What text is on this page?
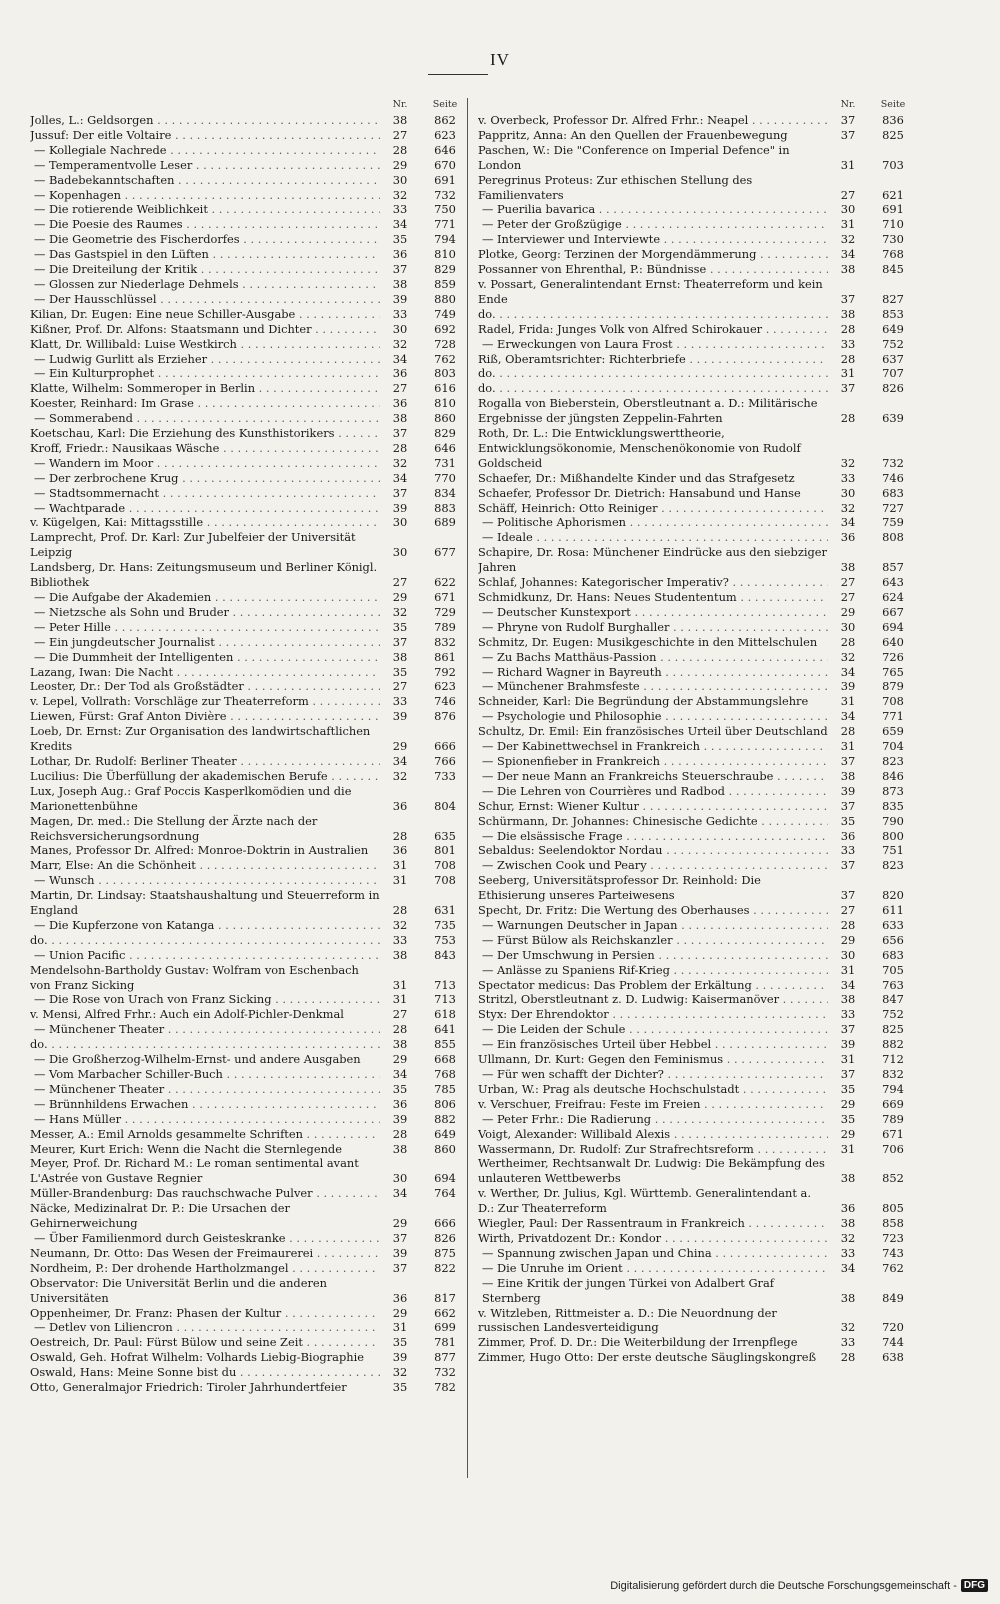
IV
Nr.	Seite
Jolles, L.: Geldsorgen . . .	38	862
Jussuf: Der eitle Voltaire . . .	27	623
— Kollegiale Nachrede . . .	28	646
— Temperamentvolle Leser . . .	29	670
— Badebekanntschaften . . .	30	691
— Kopenhagen . . .	32	732
— Die rotierende Weiblichkeit . . .	33	750
— Die Poesie des Raumes . . .	34	771
— Die Geometrie des Fischerdorfes . . .	35	794
— Das Gastspiel in den Lüften . . .	36	810
— Die Dreiteilung der Kritik . . .	37	829
— Glossen zur Niederlage Dehmels . . .	38	859
— Der Hausschlüssel . . .	39	880
Kilian, Dr. Eugen: Eine neue Schiller-Ausgabe . . .	33	749
Kißner, Prof. Dr. Alfons: Staatsmann und Dichter . . .	30	692
Klatt, Dr. Willibald: Luise Westkirch . . .	32	728
— Ludwig Gurlitt als Erzieher . . .	34	762
— Ein Kulturprophet . . .	36	803
Klatte, Wilhelm: Sommeroper in Berlin . . .	27	616
Koester, Reinhard: Im Grase . . .	36	810
— Sommerabend . . .	38	860
Koetschau, Karl: Die Erziehung des Kunsthistorikers . . .	37	829
Kroff, Friedr.: Nausikaas Wäsche . . .	28	646
— Wandern im Moor . . .	32	731
— Der zerbrochene Krug . . .	34	770
— Stadtsommernacht . . .	37	834
— Wachtparade . . .	39	883
v. Kügelgen, Kai: Mittagsstille . . .	30	689
Lamprecht, Prof. Dr. Karl: Zur Jubelfeier der Universität Leipzig	30	677
Landsberg, Dr. Hans: Zeitungsmuseum und Berliner Königl. Bibliothek	27	622
— Die Aufgabe der Akademien . . .	29	671
— Nietzsche als Sohn und Bruder . . .	32	729
— Peter Hille . . .	35	789
— Ein jungdeutscher Journalist . . .	37	832
— Die Dummheit der Intelligenten . . .	38	861
Lazang, Iwan: Die Nacht . . .	35	792
Leoster, Dr.: Der Tod als Großstädter . . .	27	623
v. Lepel, Vollrath: Vorschläge zur Theaterreform . . .	33	746
Liewen, Fürst: Graf Anton Divière . . .	39	876
Loeb, Dr. Ernst: Zur Organisation des landwirtschaftlichen Kredits	29	666
Lothar, Dr. Rudolf: Berliner Theater . . .	34	766
Lucilius: Die Überfüllung der akademischen Berufe . . .	32	733
Lux, Joseph Aug.: Graf Poccis Kasperlkomödien und die Marionettenbühne	36	804
Magen, Dr. med.: Die Stellung der Ärzte nach der Reichsversicherungsordnung	28	635
Manes, Professor Dr. Alfred: Monroe-Doktrin in Australien	36	801
Marr, Else: An die Schönheit . . .	31	708
— Wunsch . . .	31	708
Martin, Dr. Lindsay: Staatshaushaltung und Steuerreform in England	28	631
— Die Kupferzone von Katanga . . .	32	735
do. . . .	33	753
— Union Pacific . . .	38	843
Mendelsohn-Bartholdy Gustav: Wolfram von Eschenbach von Franz Sicking	31	713
— Die Rose von Urach von Franz Sicking . . .	31	713
v. Mensi, Alfred Frhr.: Auch ein Adolf-Pichler-Denkmal	27	618
— Münchener Theater . . .	28	641
do. . . .	38	855
— Die Großherzog-Wilhelm-Ernst- und andere Ausgaben	29	668
— Vom Marbacher Schiller-Buch . . .	34	768
— Münchener Theater . . .	35	785
— Brünnhildens Erwachen . . .	36	806
— Hans Müller . . .	39	882
Messer, A.: Emil Arnolds gesammelte Schriften . . .	28	649
Meurer, Kurt Erich: Wenn die Nacht die Sternlegende	38	860
Meyer, Prof. Dr. Richard M.: Le roman sentimental avant L'Astrée von Gustave Regnier	30	694
Müller-Brandenburg: Das rauchschwache Pulver . . .	34	764
Näcke, Medizinalrat Dr. P.: Die Ursachen der Gehirnerweichung	29	666
— Über Familienmord durch Geisteskranke . . .	37	826
Neumann, Dr. Otto: Das Wesen der Freimaurerei . . .	39	875
Nordheim, P.: Der drohende Hartholzmangel . . .	37	822
Observator: Die Universität Berlin und die anderen Universitäten	36	817
Oppenheimer, Dr. Franz: Phasen der Kultur . . .	29	662
— Detlev von Liliencron . . .	31	699
Oestreich, Dr. Paul: Fürst Bülow und seine Zeit . . .	35	781
Oswald, Geh. Hofrat Wilhelm: Volhards Liebig-Biographie	39	877
Oswald, Hans: Meine Sonne bist du . . .	32	732
Otto, Generalmajor Friedrich: Tiroler Jahrhundertfeier	35	782
Nr.	Seite
v. Overbeck, Professor Dr. Alfred Frhr.: Neapel . . .	37	836
Pappritz, Anna: An den Quellen der Frauenbewegung	37	825
Paschen, W.: Die "Conference on Imperial Defence" in London	31	703
Peregrinus Proteus: Zur ethischen Stellung des Familienvaters	27	621
— Puerilia bavarica . . .	30	691
— Peter der Großzügige . . .	31	710
— Interviewer und Interviewte . . .	32	730
Plotke, Georg: Terzinen der Morgendämmerung . . .	34	768
Possanner von Ehrenthal, P.: Bündnisse . . .	38	845
v. Possart, Generalintendant Ernst: Theaterreform und kein Ende	37	827
do. . . .	38	853
Radel, Frida: Junges Volk von Alfred Schirokauer . . .	28	649
— Erweckungen von Laura Frost . . .	33	752
Riß, Oberamtsrichter: Richterbriefe . . .	28	637
do. . . .	31	707
do. . . .	37	826
Rogalla von Bieberstein, Oberstleutnant a. D.: Militärische Ergebnisse der jüngsten Zeppelin-Fahrten	28	639
Roth, Dr. L.: Die Entwicklungswerttheorie, Entwicklungsökonomie, Menschenökonomie von Rudolf Goldscheid	32	732
Schaefer, Dr.: Mißhandelte Kinder und das Strafgesetz	33	746
Schaefer, Professor Dr. Dietrich: Hansabund und Hanse	30	683
Schäff, Heinrich: Otto Reiniger . . .	32	727
— Politische Aphorismen . . .	34	759
— Ideale . . .	36	808
Schapire, Dr. Rosa: Münchener Eindrücke aus den siebziger Jahren	38	857
Schlaf, Johannes: Kategorischer Imperativ? . . .	27	643
Schmidkunz, Dr. Hans: Neues Studententum . . .	27	624
— Deutscher Kunstexport . . .	29	667
— Phryne von Rudolf Burghaller . . .	30	694
Schmitz, Dr. Eugen: Musikgeschichte in den Mittelschulen	28	640
— Zu Bachs Matthäus-Passion . . .	32	726
— Richard Wagner in Bayreuth . . .	34	765
— Münchener Brahmsfeste . . .	39	879
Schneider, Karl: Die Begründung der Abstammungslehre	31	708
— Psychologie und Philosophie . . .	34	771
Schultz, Dr. Emil: Ein französisches Urteil über Deutschland	28	659
— Der Kabinettwechsel in Frankreich . . .	31	704
— Spionenfieber in Frankreich . . .	37	823
— Der neue Mann an Frankreichs Steuerschraube . . .	38	846
— Die Lehren von Courrières und Radbod . . .	39	873
Schur, Ernst: Wiener Kultur . . .	37	835
Schürmann, Dr. Johannes: Chinesische Gedichte . . .	35	790
— Die elsässische Frage . . .	36	800
Sebaldus: Seelendoktor Nordau . . .	33	751
— Zwischen Cook und Peary . . .	37	823
Seeberg, Universitätsprofessor Dr. Reinhold: Die Ethisierung unseres Parteiwesens	37	820
Specht, Dr. Fritz: Die Wertung des Oberhauses . . .	27	611
— Warnungen Deutscher in Japan . . .	28	633
— Fürst Bülow als Reichskanzler . . .	29	656
— Der Umschwung in Persien . . .	30	683
— Anlässe zu Spaniens Rif-Krieg . . .	31	705
Spectator medicus: Das Problem der Erkältung . . .	34	763
Stritzl, Oberstleutnant z. D. Ludwig: Kaisermanöver . . .	38	847
Styx: Der Ehrendoktor . . .	33	752
— Die Leiden der Schule . . .	37	825
— Ein französisches Urteil über Hebbel . . .	39	882
Ullmann, Dr. Kurt: Gegen den Feminismus . . .	31	712
— Für wen schafft der Dichter? . . .	37	832
Urban, W.: Prag als deutsche Hochschulstadt . . .	35	794
v. Verschuer, Freifrau: Feste im Freien . . .	29	669
— Peter Frhr.: Die Radierung . . .	35	789
Voigt, Alexander: Willibald Alexis . . .	29	671
Wassermann, Dr. Rudolf: Zur Strafrechtsreform . . .	31	706
Wertheimer, Rechtsanwalt Dr. Ludwig: Die Bekämpfung des unlauteren Wettbewerbs	38	852
v. Werther, Dr. Julius, Kgl. Württemb. Generalintendant a. D.: Zur Theaterreform	36	805
Wiegler, Paul: Der Rassentraum in Frankreich . . .	38	858
Wirth, Privatdozent Dr.: Kondor . . .	32	723
— Spannung zwischen Japan und China . . .	33	743
— Die Unruhe im Orient . . .	34	762
— Eine Kritik der jungen Türkei von Adalbert Graf Sternberg	38	849
v. Witzleben, Rittmeister a. D.: Die Neuordnung der russischen Landesverteidigung	32	720
Zimmer, Prof. D. Dr.: Die Weiterbildung der Irrenpflege	33	744
Zimmer, Hugo Otto: Der erste deutsche Säuglingskongreß	28	638
Digitalisierung gefördert durch die Deutsche Forschungsgemeinschaft - DFG
